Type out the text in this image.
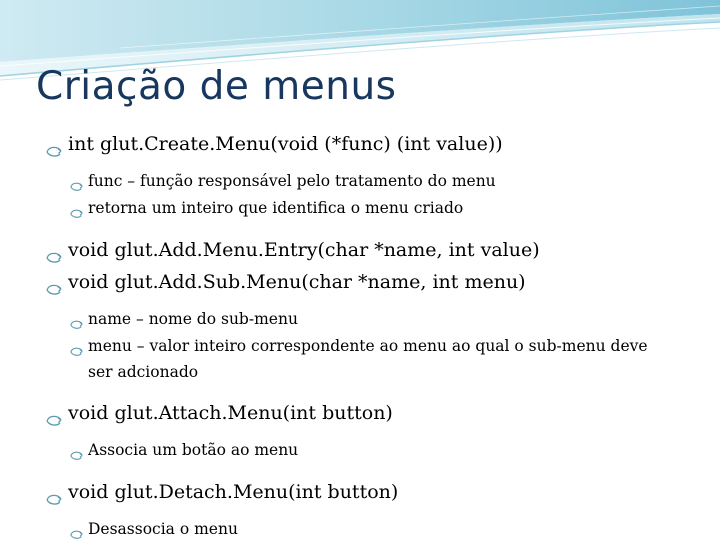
Criação de menus
int glut.Create.Menu(void (*func) (int value))
func – função responsável pelo tratamento do menu
retorna um inteiro que identifica o menu criado
void glut.Add.Menu.Entry(char *name, int value)
void glut.Add.Sub.Menu(char *name, int menu)
name – nome do sub-menu
menu – valor inteiro correspondente ao menu ao qual o sub-menu deve ser adcionado
void glut.Attach.Menu(int button)
Associa um botão ao menu
void glut.Detach.Menu(int button)
Desassocia o menu
